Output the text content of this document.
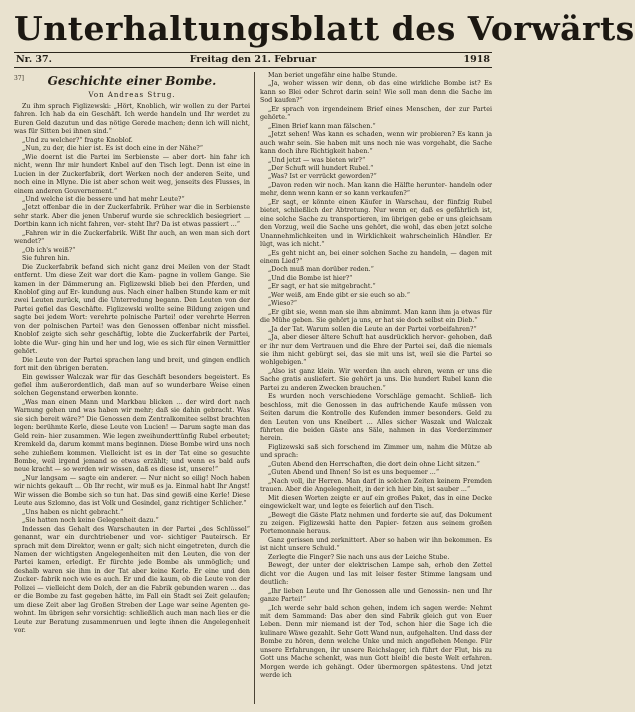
Unterhaltungsblatt des Vorwärts
Nr. 37.	Freitag den 21. Februar	1918
37]	Geschichte einer Bombe.
Von Andreas Strug.

Zu ihm sprach Figlizewski: „Hört, Knoblich, wir wollen zu der Partei fahren. Ich hab da ein Geschäft. Ich werde handeln und Ihr werdet zu Euren Geld dazutun und das nötige Gerede machen; denn ich will nicht, was für Sitten bei ihnen sind.“

„Und zu welcher?“ fragte Knoblof.

„Nun, zu der, die hier ist. Es ist doch eine in der Nähe?“

„Wie doernt ist die Partei im Serbienste — aber dort- hin fahr ich nicht, wenn Ihr mir hundert Knbel auf den Tisch legt. Denn ist eine in Lucien in der Zuckerfabrik, dort Werken noch der anderen Seite, und noch eine in Mlyne. Die ist aber schon weit weg, jenseits des Flusses, in einem anderen Gouvernement.“

„Und welche ist die bessere und hat mehr Leute?“

„Jetzt offenbar die in der Zuckerfabrik. Früher war die in Serbienste sehr stark. Aber die jenen Unberuf wurde sie schrecklich besiegriert ... Dortbin kann ich nicht fahren, ver- steht Ihr? Da ist etwas passiert ...“

„Fahren wir in die Zuckerfabrik. Wißt Ihr auch, an wen man sich dort wendet?“

„Ob ich's weiß?“

Sie fuhren hin.

Die Zuckerfabrik befand sich nicht ganz drei Meilen von der Stadt entfernt. Um diese Zeit war dort die Kam- pagne in vollem Gange. Sie kamen in der Dämmerung an. Figlizewski blieb bei den Pferden, und Knoblof ging auf Er- kundung aus. Nach einer halben Stunde kam er mit zwei Leuten zurück, und die Unterredung begann. Den Leuten von der Partei gefiel das Geschäfte. Figlizewski wollte seine Bildung zeigen und sagte bei jedem Wort: verehrte polnische Partei! oder verehrte Herren von der polnischen Partei! was den Genossen offenbar nicht missfiel. Knoblof zeigte sich sehr geschäftig, lobte die Zuckerfabrik der Partei, lobte die Wur- ging hin und her und log, wie es sich für einen Vermittler gehört.

Die Leute von der Partei sprachen lang und breit, und gingen endlich fort mit den übrigen beraten.

Ein gewisser Walczak war für das Geschäft besonders begeistert. Es gefiel ihm außerordentlich, daß man auf so wunderbare Weise einen solchen Gegenstand erwerben konnte.

„Was man einen Mann und Markbau blicken ... der wird dort nach Warnung gehen und was haben wir mehr; daß sie dahin gebracht. Was sie sich bereit wäre?“ Die Genossen dem Zentralkomitee selbst brachten legen: berühmte Kerle, diese Leute von Lucien! — Darum sagte man das Geld rein- hier zusammen. Wie legen zweihunderttünfig Rubel erbeutet; Kremkeld da, darum kommt mans beginnen. Diese Bombe wird uns noch sehe zuhießem kommen. Vielleicht ist es in der Tat eine so gesuchte Bombe, weil irgend jemand so etwas erzählt; und wenn es bald aufs neue kracht — so werden wir wissen, daß es diese ist, unsere!“

„Nur langsam — sagte ein anderer. — Nur nicht so eilig! Noch haben wir nichts gekauft ... Ob Ihr recht, wir muß es ja. Einmal habt Ihr Angst! Wir wissen die Bombe sich so tun hat. Das sind gewiß eine Kerle! Diese Leute aus Szlomno, das ist Volk und Gesindel, ganz richtiger Schlicher.“

„Uns haben es nicht gebracht.“

„Sie hatten noch keine Gelegenheit dazu.“

Indessen das Gehalt des Warschauten in der Partei „des Schlüssel“ genannt, war ein durchtriebener und vor- sichtiger Pauteirsch. Er sprach mit dem Direktor, wenn er galt; sich nicht eingetreten, durch die Namen der wichtigsten Angelegenheiten mit den Leuten, die von der Partei kamen, erledigt. Er fürchte jede Bombe als unmöglich; und deshalb waren sie ihm in der Tat aber keine Kerle. Er eine und den Zucker- fabrik noch wie es auch. Er und die kaum, ob die Leute von der Polizei — vielleicht dem Dolch, der an die Fabrik gebunden waren ... das er die Bombe zu fast gegeben hätte, im Fall ein Stadt sei Zeit gelaufen; um diese Zeit aber lag Großen Streben der Lage war seine Agenten ge- wohnt. Im übrigen sehr vorsichtig: schließlich auch man nach lies er die Leute zur Beratung zusammenruen und legte ihnen die Angelegenheit vor.

Man beriet ungefähr eine halbe Stunde.

„Ja, woher wissen wir denn, ob das eine wirkliche Bombe ist? Es kann so Blei oder Schrot darin sein! Wie soll man denn die Sache im Sod kaufen?“

„Er sprach von irgendeinem Brief eines Menschen, der zur Partei gehörte.“

„Einen Brief kann man fälschen.“

„Jetzt sehen! Was kann es schaden, wenn wir probieren? Es kann ja auch wahr sein. Sie haben mit uns noch nie was vorgehabt, die Sache kann doch ihre Richtigkeit haben.“

„Und jetzt — was bieten wir?“

„Der Schuft will hundert Rubel.“

„Was? Ist er verrückt geworden?“

„Davon reden wir noch. Man kann die Hälfte herunter- handeln oder mehr, denn wenn kann er so kann verkaufen?“

„Er sagt, er könnte einen Käufer in Warschau, der fünfzig Rubel bietet, schließlich der Abtretung. Nur wenn er, daß es gefährlich ist, eine solche Sache zu transportieren, im übrigen gebe er uns gleichsam den Vorzug, weil die Sache uns gehört, die wohl, das eben jetzt solche Unannehmlichkeiten und in Wirklichkeit wahrscheinlich Händler. Er lügt, was ich nicht.“

„Es geht nicht an, bei einer solchen Sache zu handeln, — dagen mit einem Lied?“

„Doch muß man dorüber reden.“

„Und die Bombe ist hier?“

„Er sagt, er hat sie mitgebracht.“

„Wer weiß, am Ende gibt er sie euch so ab.“

„Wieso?“

„Er gibt sie, wenn man sie ihm abnimmt. Man kann ihm ja etwas für die Mühe geben. Sie gehört ja uns, er hat sie doch selbst ein Dieb.“

„Ja der Tat. Warum sollen die Leute an der Partei vorbeifahren?“

„Ja, aber dieser ältere Schuft hat ausdrücklich hervor- gehoben, daß er ihr nur dem Vertrauen und die Ehre der Partei sei, daß die niemals sie ihm nicht gebürgt sei, das sie mit uns ist, weil sie die Partei so wohlgebigen.“

„Also ist ganz klein. Wir werden ihn auch ehren, wenn er uns die Sache gratis ausliefert. Sie gehört ja uns. Die hundert Rubel kann die Partei zu anderen Zwecken brauchen.“

Es wurden noch verschiedene Vorschläge gemacht. Schließ- lich beschloss, mit die Genossen in das aufrichende Kaufe müssen von Seiten darum die Kontrolle des Kufenden immer besonders. Geld zu den Leuten von uns Kneibert ... Alles sicher Waszak und Walczak führten die beiden Gäste ans Säle, nahmen in das Vorderzimmer herein.

Figlizewski saß sich forschend im Zimmer um, nahm die Mütze ab und sprach:

„Guten Abend den Herrschaften, die dort dein ohne Licht sitzen.“

„Guten Abend und Ihnen! So ist es uns bequemer ...“

„Nach voll, ihr Herren. Man darf in solchen Zeiten keinem Fremden trauen. Aber die Angelegenheit, in der ich hier bin, ist sauber ...“

Mit diesen Worten zeigte er auf ein großes Paket, das in eine Decke eingewickelt war, und legte es feierlich auf den Tisch.

„Bewegt die Gäste Platz nehmen und forderte sie auf, das Dokument zu zeigen. Figlizewski hatte den Papier- fetzen aus seinem großen Portemonnaie heraus.

Ganz gerissen und zerknittert. Aber so haben wir ihn bekommen. Es ist nicht unsere Schuld.“

Zerlegte die Finger? Sie nach uns aus der Leiche Stube.

Bewegt, der unter der elektrischen Lampe sah, erhob den Zettel dicht vor die Augen und las mit leiser fester Stimme langsam und deutlich:

„Ihr lieben Leute und Ihr Genossen alle und Genossin- nen und Ihr ganze Partei!“

„Ich werde sehr bald schon gehen, indem ich sagen werde: Nehmt mit dem Sammand: Das aber den sind Fabrik gleich gut von Euer Leben. Denn mir niemand ist der Tod, schon hier die Sage ich die kulinare Wäwe gezahlt. Sehr Gott Wand nun, aufgehalten. Und dass der Bombe zu hören, denn welche Unke und mich angeflehen Menge. Für unsere Erfahrungen, ihr unsere Reichslager, ich führt der Flut, bis zu Gott uns Mache schenkt, was nun Gott bleib! die beste Welt erfahren. Morgen werde ich gehängt. Oder übermorgen spätestens. Und jetzt werde ich
